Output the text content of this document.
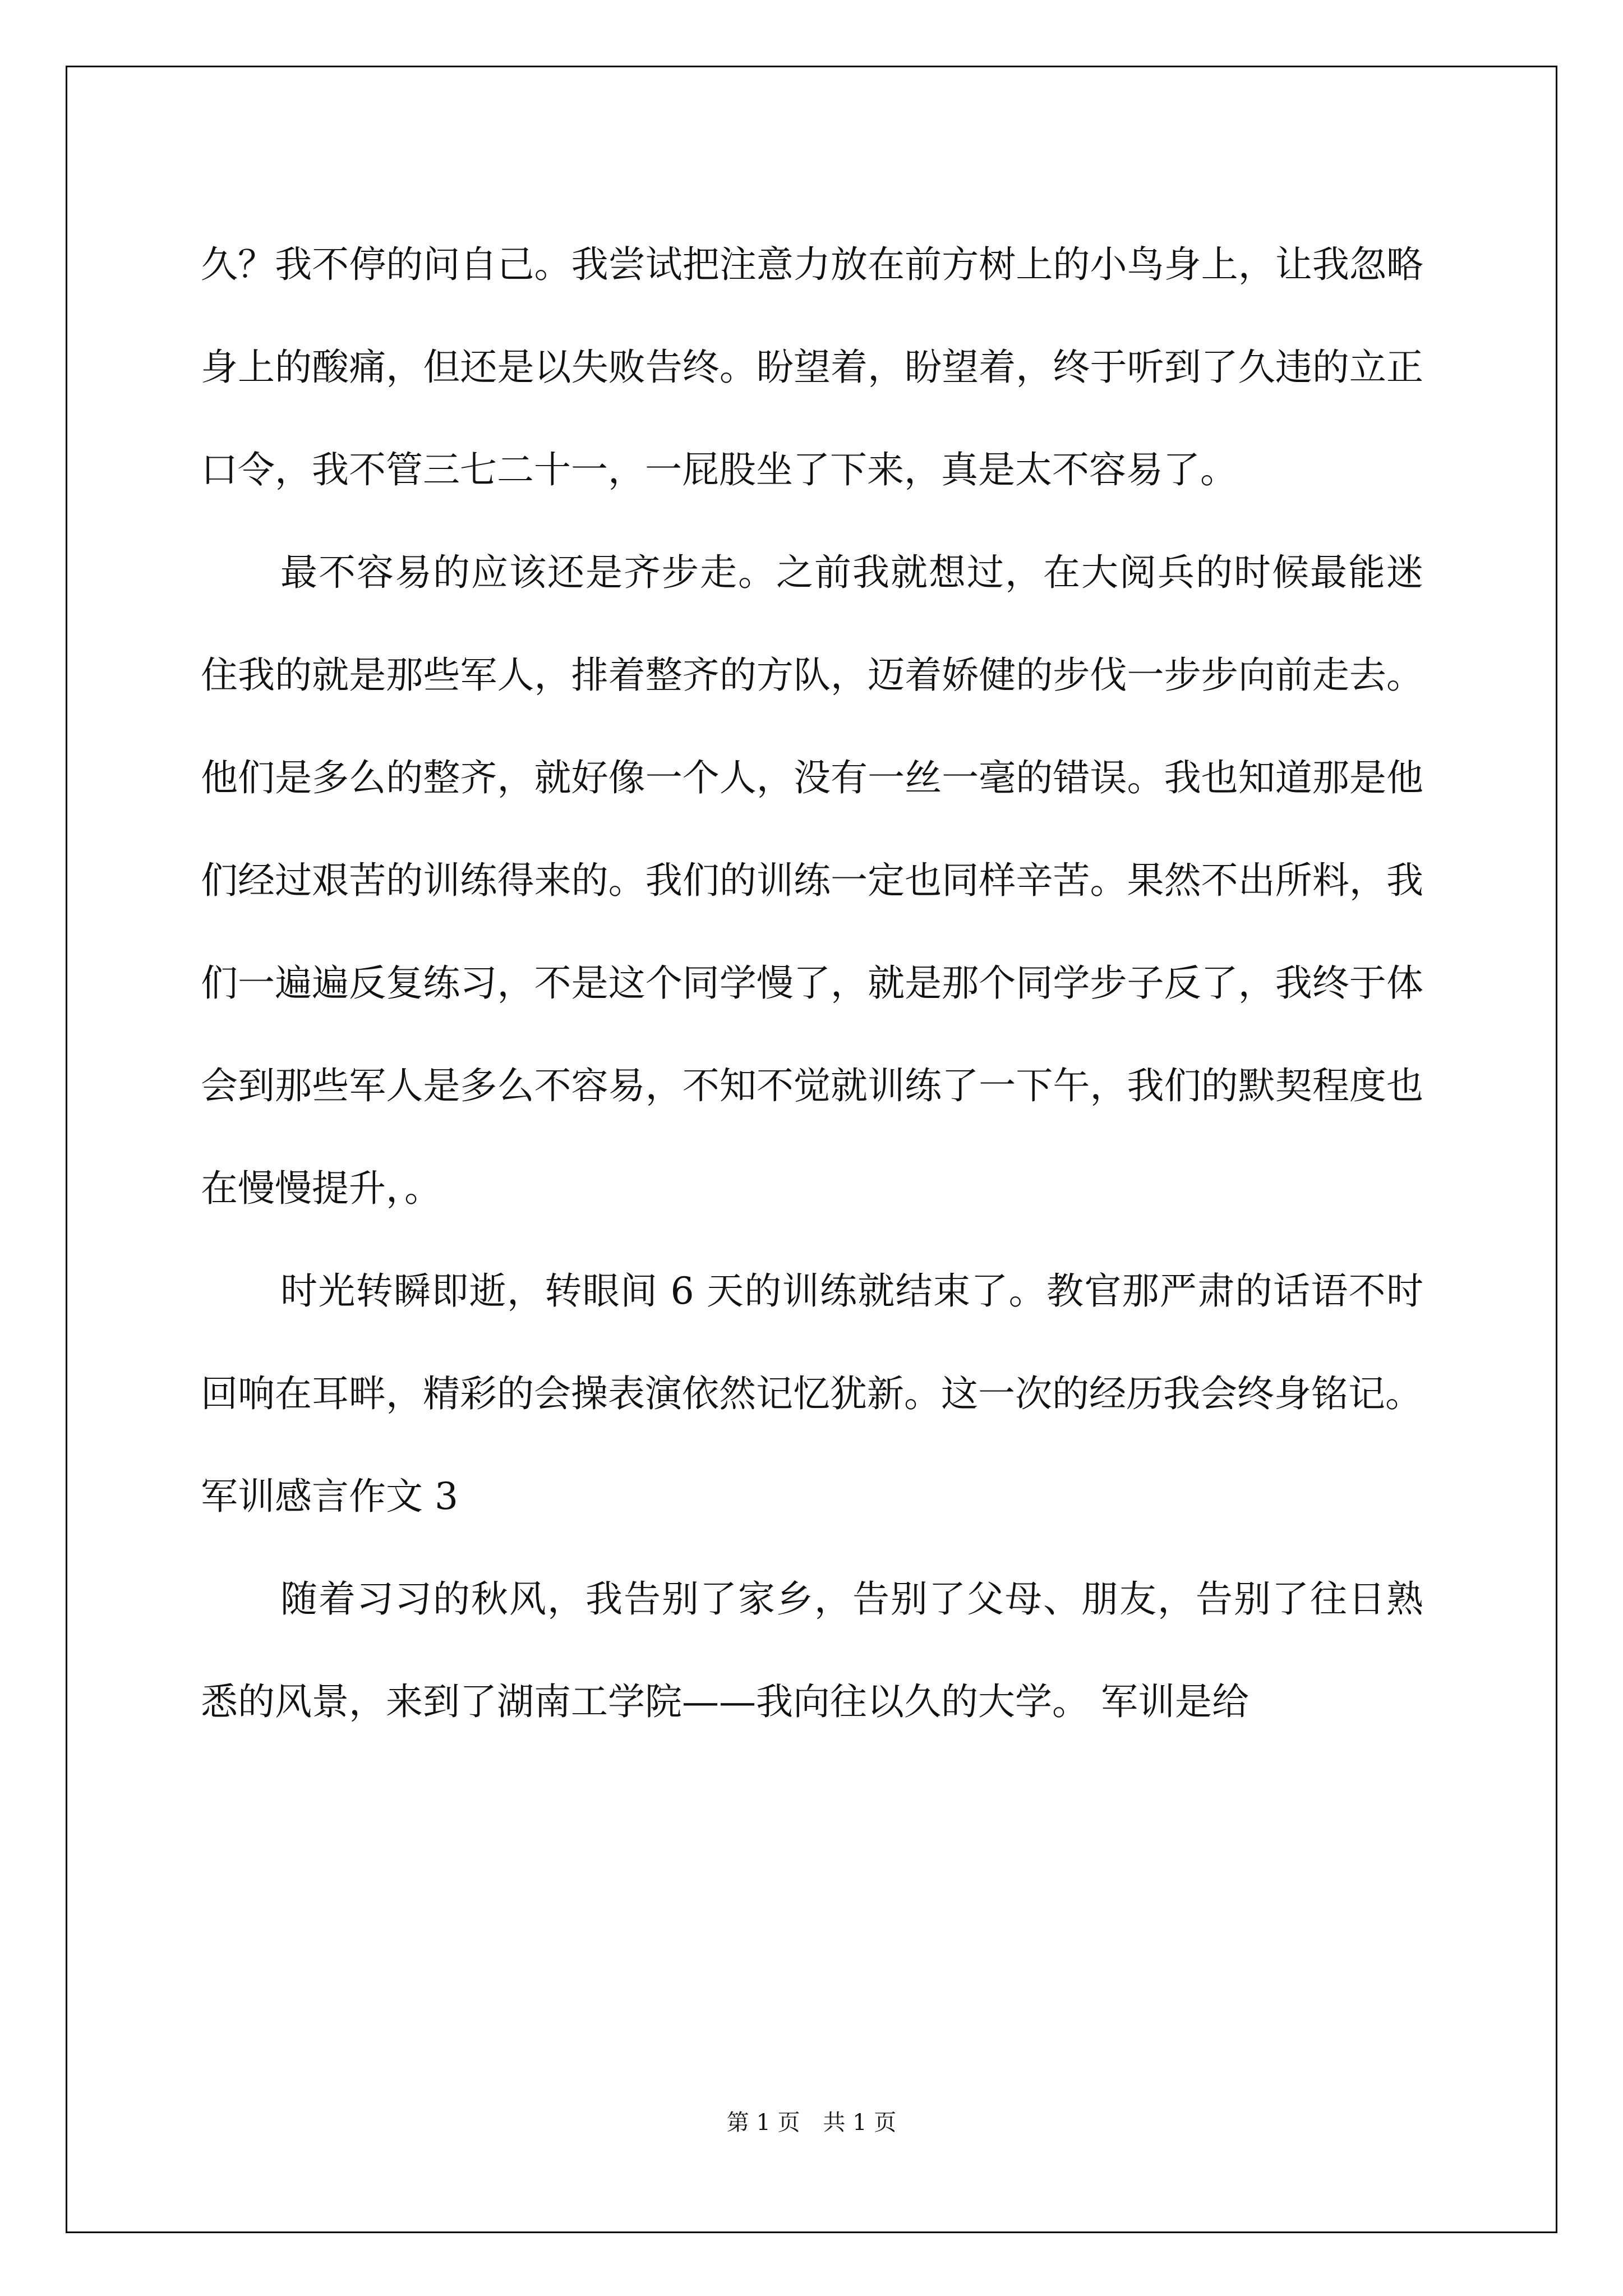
久？我不停的问自己。我尝试把注意力放在前方树上的小鸟身上，让我忽略身上的酸痛，但还是以失败告终。盼望着，盼望着，终于听到了久违的立正口令，我不管三七二十一，一屁股坐了下来，真是太不容易了。

最不容易的应该还是齐步走。之前我就想过，在大阅兵的时候最能迷住我的就是那些军人，排着整齐的方队，迈着娇健的步伐一步步向前走去。他们是多么的整齐，就好像一个人，没有一丝一毫的错误。我也知道那是他们经过艰苦的训练得来的。我们的训练一定也同样辛苦。果然不出所料，我们一遍遍反复练习，不是这个同学慢了，就是那个同学步子反了，我终于体会到那些军人是多么不容易，不知不觉就训练了一下午，我们的默契程度也在慢慢提升，。

时光转瞬即逝，转眼间 6 天的训练就结束了。教官那严肃的话语不时回响在耳畔，精彩的会操表演依然记忆犹新。这一次的经历我会终身铭记。

军训感言作文 3

随着习习的秋风，我告别了家乡，告别了父母、朋友，告别了往日熟悉的风景，来到了湖南工学院——我向往以久的大学。 军训是给

第 1 页 共 1 页
